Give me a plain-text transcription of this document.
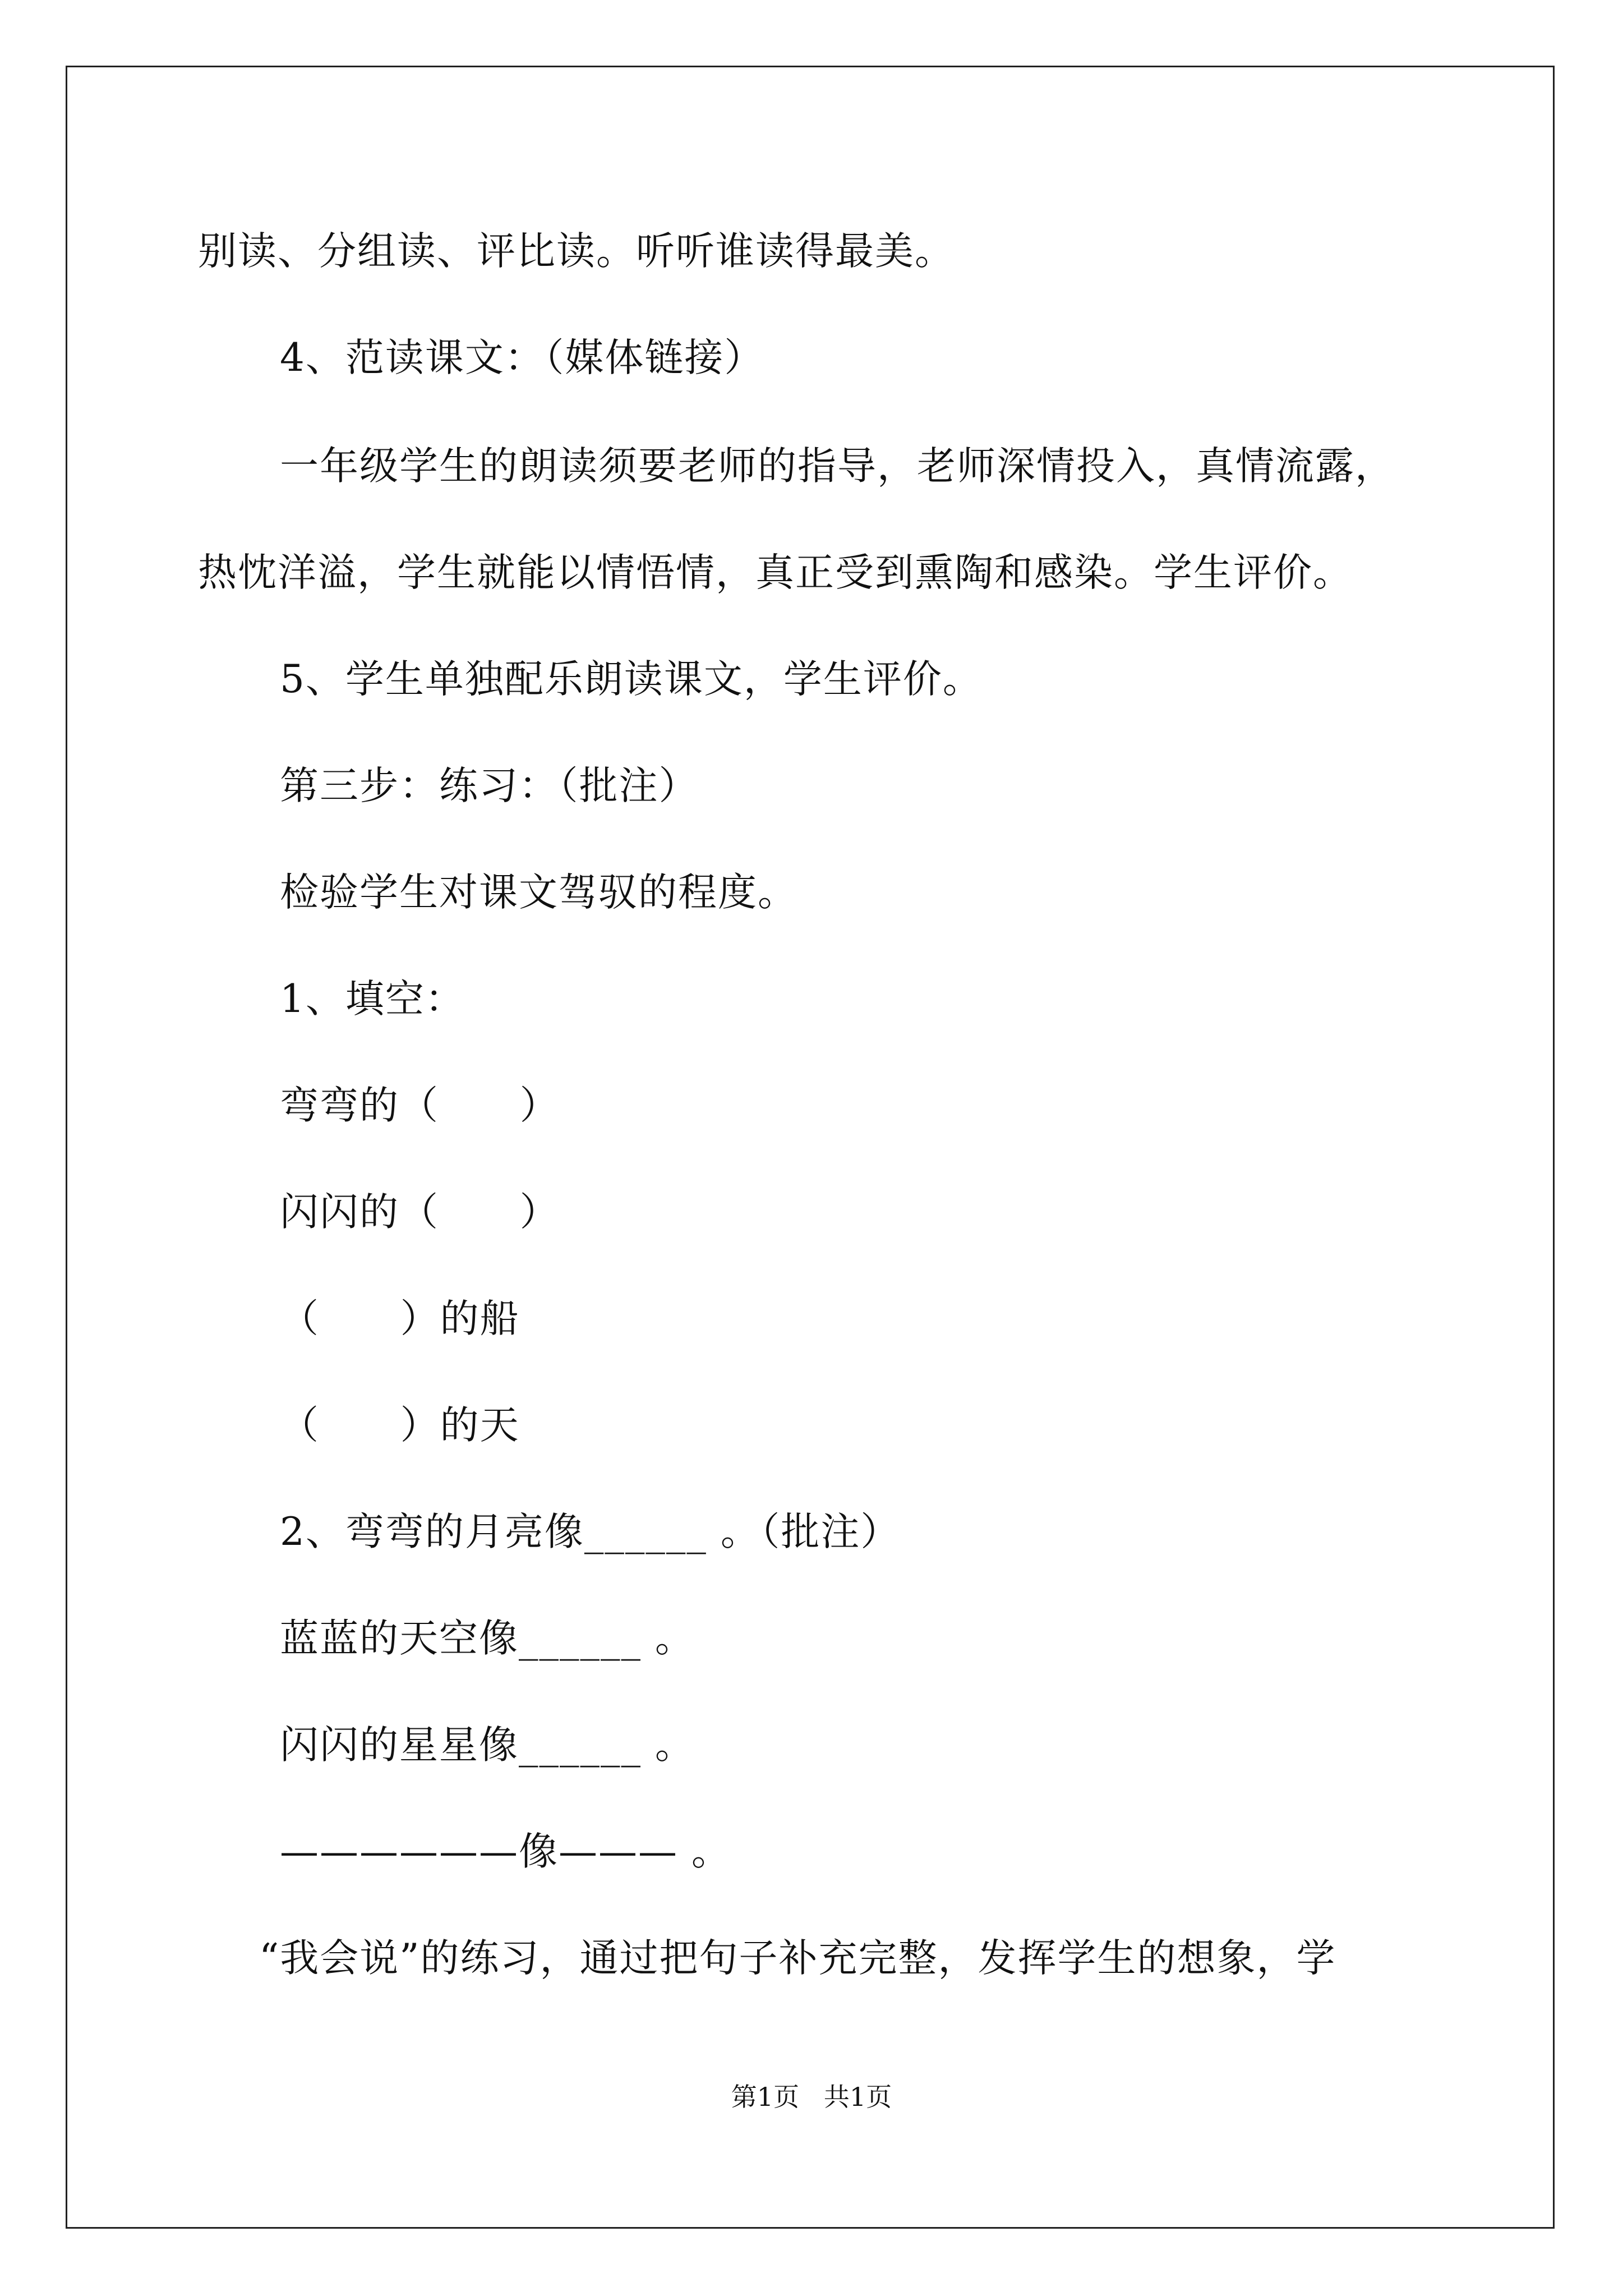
别读、分组读、评比读。听听谁读得最美。
4、范读课文：（媒体链接）
一年级学生的朗读须要老师的指导，老师深情投入，真情流露，
热忱洋溢，学生就能以情悟情，真正受到熏陶和感染。学生评价。
5、学生单独配乐朗读课文，学生评价。
第三步：练习：（批注）
检验学生对课文驾驭的程度。
1、填空：
弯弯的（      ）
闪闪的（      ）
（      ）的船
（      ）的天
2、弯弯的月亮像______ 。（批注）
蓝蓝的天空像______ 。
闪闪的星星像______ 。
——————像——— 。
“我会说”的练习，通过把句子补充完整，发挥学生的想象，学
第1页   共1页
